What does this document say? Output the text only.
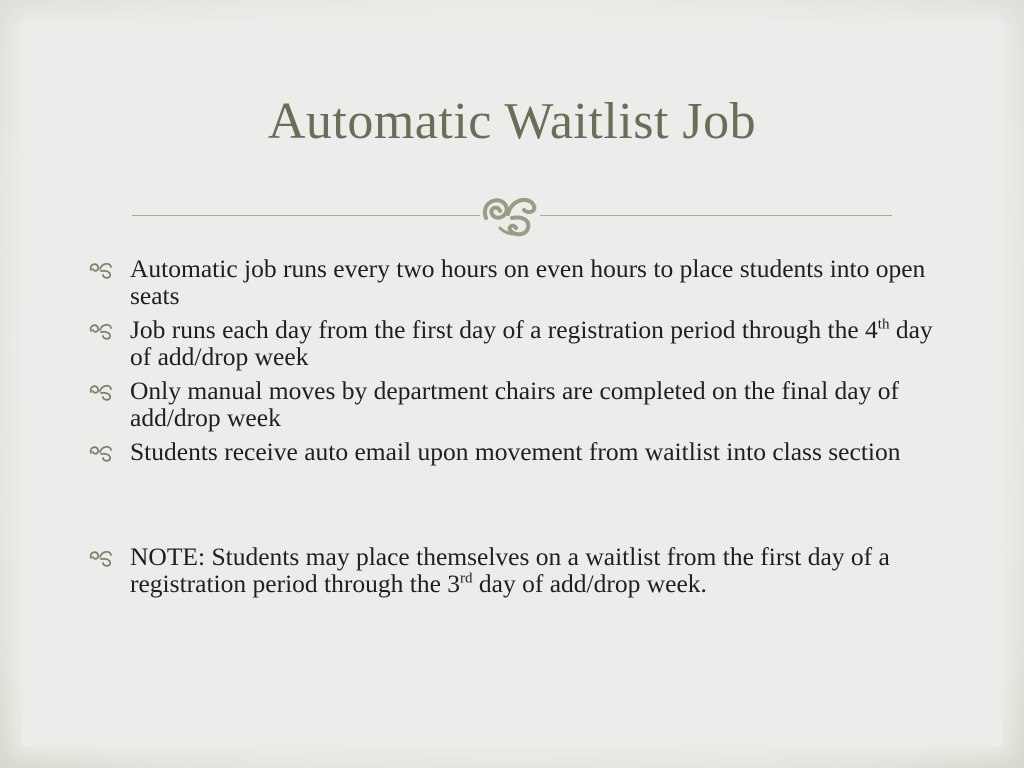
Automatic Waitlist Job
Automatic job runs every two hours on even hours to place students into open seats
Job runs each day from the first day of a registration period through the 4th day of add/drop week
Only manual moves by department chairs are completed on the final day of add/drop week
Students receive auto email upon movement from waitlist into class section
NOTE: Students may place themselves on a waitlist from the first day of a registration period through the 3rd day of add/drop week.
